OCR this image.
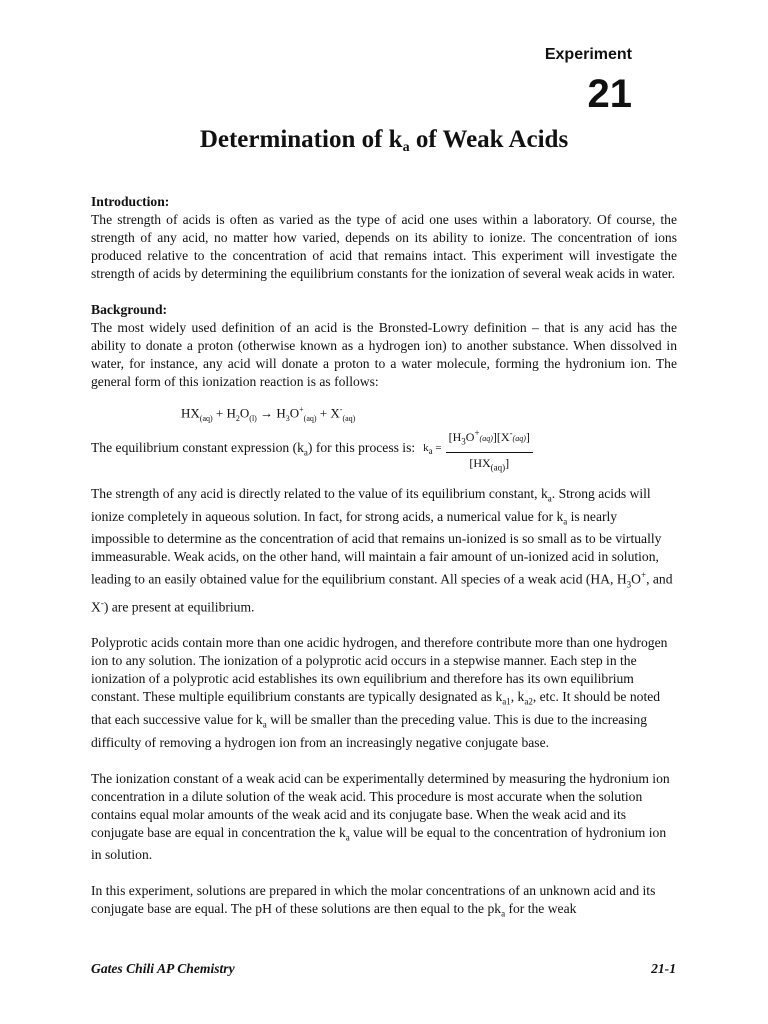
Experiment
21
Determination of $k_a$ of Weak Acids
Introduction:

The strength of acids is often as varied as the type of acid one uses within a laboratory. Of course, the strength of any acid, no matter how varied, depends on its ability to ionize. The concentration of ions produced relative to the concentration of acid that remains intact. This experiment will investigate the strength of acids by determining the equilibrium constants for the ionization of several weak acids in water.

Background:

The most widely used definition of an acid is the Bronsted-Lowry definition – that is any acid has the ability to donate a proton (otherwise known as a hydrogen ion) to another substance. When dissolved in water, for instance, any acid will donate a proton to a water molecule, forming the hydronium ion. The general form of this ionization reaction is as follows:

$HX_{(aq)} + H_2O_{(l)} \to H_3O^+_{(aq)} + X^-_{(aq)}$
The equilibrium constant expression $(k_a)$ for this process is: $k_a = \frac{[H_3O^+(aq)][X^-(aq)]}{[HX_{(aq)}]}$

The strength of any acid is directly related to the value of its equilibrium constant, $k_a$. Strong acids will ionize completely in aqueous solution. In fact, for strong acids, a numerical value for $k_a$ is nearly impossible to determine as the concentration of acid that remains un-ionized is so small as to be virtually immeasurable. Weak acids, on the other hand, will maintain a fair amount of un-ionized acid in solution, leading to an easily obtained value for the equilibrium constant. All species of a weak acid (HA, $H_3O^+$, and X-) are present at equilibrium.

Polyprotic acids contain more than one acidic hydrogen, and therefore contribute more than one hydrogen ion to any solution. The ionization of a polyprotic acid occurs in a stepwise manner. Each step in the ionization of a polyprotic acid establishes its own equilibrium and therefore has its own equilibrium constant. These multiple equilibrium constants are typically designated as $k_{a1}$, $k_{a2}$, etc. It should be noted that each successive value for $k_a$ will be smaller than the preceding value. This is due to the increasing difficulty of removing a hydrogen ion from an increasingly negative conjugate base.

The ionization constant of a weak acid can be experimentally determined by measuring the hydronium ion concentration in a dilute solution of the weak acid. This procedure is most accurate when the solution contains equal molar amounts of the weak acid and its conjugate base. When the weak acid and its conjugate base are equal in concentration the $k_a$ value will be equal to the concentration of hydronium ion in solution.

In this experiment, solutions are prepared in which the molar concentrations of an unknown acid and its conjugate base are equal. The pH of these solutions are then equal to the $pk_a$ for the weak

Gates Chili AP Chemistry	21-1
